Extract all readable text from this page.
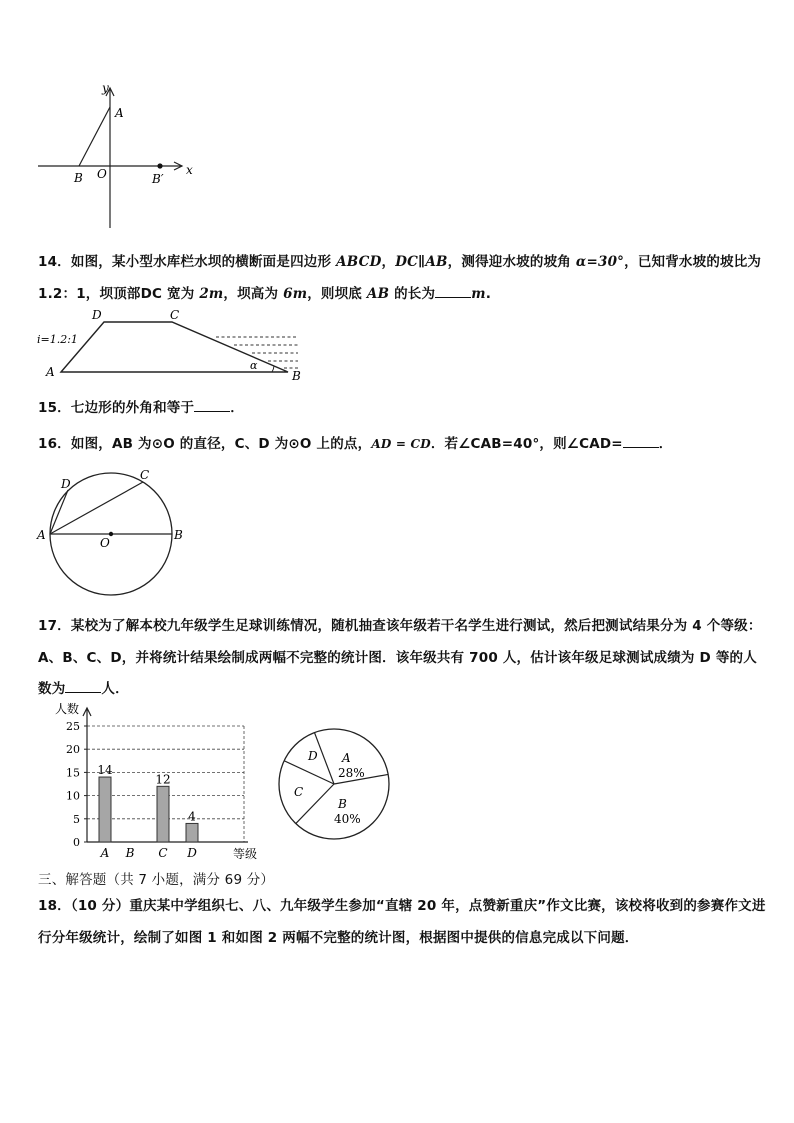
x
y
A
B O	B′
14．如图，某小型水库栏水坝的横断面是四边形 ABCD，DC∥AB，测得迎水坡的坡角 α=30°，已知背水坡的坡比为
1.2：1，坝顶部DC 宽为 2m，坝高为 6m，则坝底 AB 的长为	m.
D	C
A	B
i=1.2:1
α
15．七边形的外角和等于	．
16．如图，AB 为⊙O 的直径，C、D 为⊙O 上的点，AD = CD．若∠CAB=40°，则∠CAD=	．
A	B
C
D
O
17．某校为了解本校九年级学生足球训练情况，随机抽查该年级若干名学生进行测试，然后把测试结果分为 4 个等级：
A、B、C、D，并将统计结果绘制成两幅不完整的统计图．该年级共有 700 人，估计该年级足球测试成绩为 D 等的人
数为	人．
0
5
10
15
20
25
人数
等级
A
14
B C
12
D
4
A
28%
B
40%
C
D
三、解答题（共 7 小题，满分 69 分）
18．（10 分）重庆某中学组织七、八、九年级学生参加“直辖 20 年，点赞新重庆”作文比赛，该校将收到的参赛作文进
行分年级统计，绘制了如图 1 和如图 2 两幅不完整的统计图，根据图中提供的信息完成以下问题．
